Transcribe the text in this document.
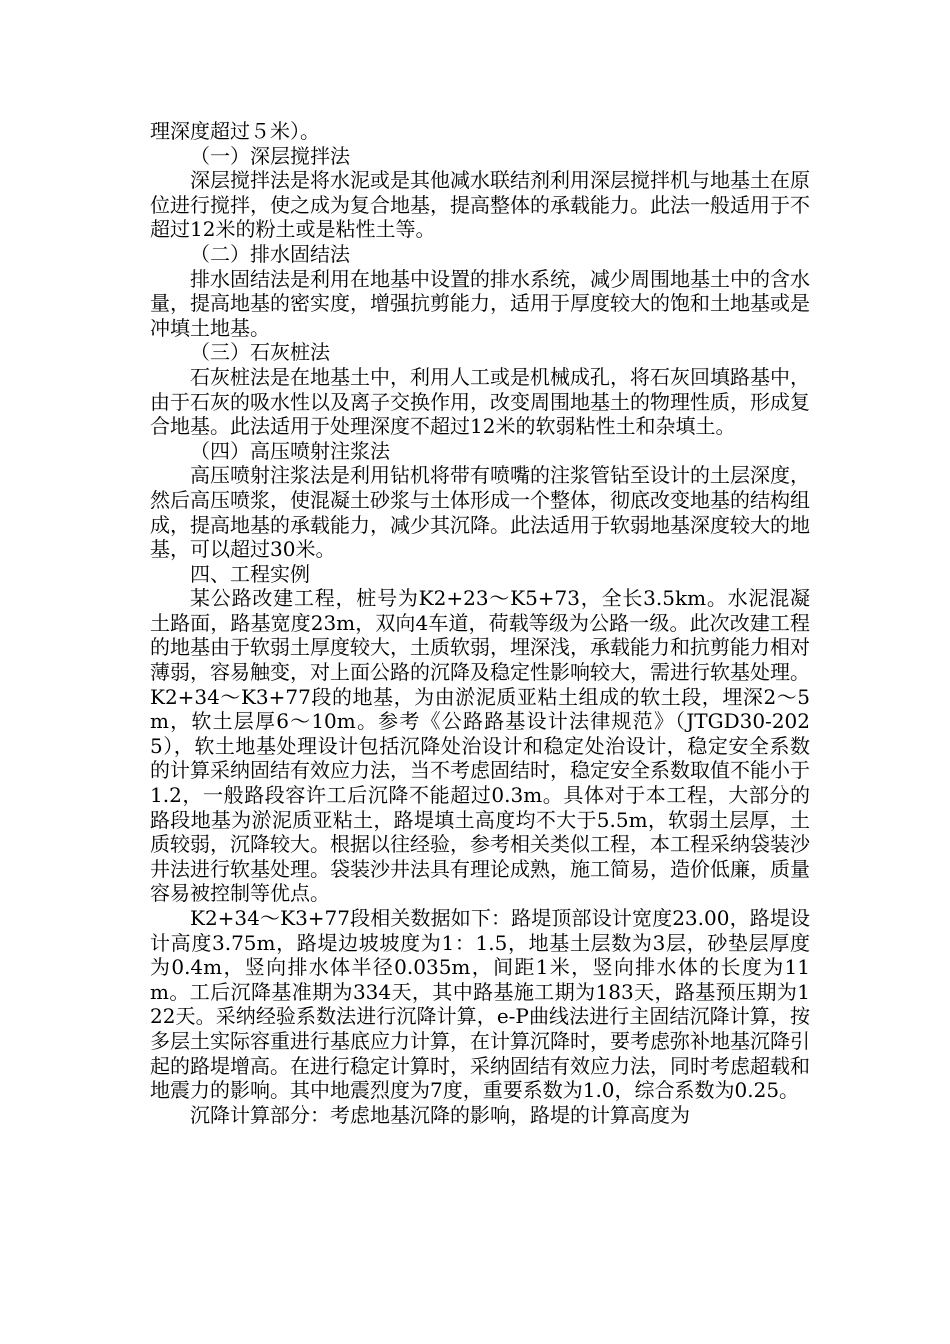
理深度超过５米）。

（一）深层搅拌法

深层搅拌法是将水泥或是其他减水联结剂利用深层搅拌机与地基土在原位进行搅拌，使之成为复合地基，提高整体的承载能力。此法一般适用于不超过12米的粉土或是粘性土等。

（二）排水固结法

排水固结法是利用在地基中设置的排水系统，减少周围地基土中的含水量，提高地基的密实度，增强抗剪能力，适用于厚度较大的饱和土地基或是冲填土地基。

（三）石灰桩法

石灰桩法是在地基土中，利用人工或是机械成孔，将石灰回填路基中，由于石灰的吸水性以及离子交换作用，改变周围地基土的物理性质，形成复合地基。此法适用于处理深度不超过12米的软弱粘性土和杂填土。

（四）高压喷射注浆法

高压喷射注浆法是利用钻机将带有喷嘴的注浆管钻至设计的土层深度，然后高压喷浆，使混凝土砂浆与土体形成一个整体，彻底改变地基的结构组成，提高地基的承载能力，减少其沉降。此法适用于软弱地基深度较大的地基，可以超过30米。

四、工程实例

某公路改建工程，桩号为K2+23～K5+73，全长3.5km。水泥混凝土路面，路基宽度23m，双向4车道，荷载等级为公路一级。此次改建工程的地基由于软弱土厚度较大，土质软弱，埋深浅，承载能力和抗剪能力相对薄弱，容易触变，对上面公路的沉降及稳定性影响较大，需进行软基处理。K2+34～K3+77段的地基，为由淤泥质亚粘土组成的软土段，埋深2～5m，软土层厚6～10m。参考《公路路基设计法律规范》（JTGD30-2025），软土地基处理设计包括沉降处治设计和稳定处治设计，稳定安全系数的计算采纳固结有效应力法，当不考虑固结时，稳定安全系数取值不能小于1.2，一般路段容许工后沉降不能超过0.3m。具体对于本工程，大部分的路段地基为淤泥质亚粘土，路堤填土高度均不大于5.5m，软弱土层厚，土质较弱，沉降较大。根据以往经验，参考相关类似工程，本工程采纳袋装沙井法进行软基处理。袋装沙井法具有理论成熟，施工简易，造价低廉，质量容易被控制等优点。

K2+34～K3+77段相关数据如下：路堤顶部设计宽度23.00，路堤设计高度3.75m，路堤边坡坡度为1：1.5，地基土层数为3层，砂垫层厚度为0.4m，竖向排水体半径0.035m，间距1米，竖向排水体的长度为11m。工后沉降基准期为334天，其中路基施工期为183天，路基预压期为122天。采纳经验系数法进行沉降计算，e-P曲线法进行主固结沉降计算，按多层土实际容重进行基底应力计算，在计算沉降时，要考虑弥补地基沉降引起的路堤增高。在进行稳定计算时，采纳固结有效应力法，同时考虑超载和地震力的影响。其中地震烈度为7度，重要系数为1.0，综合系数为0.25。

沉降计算部分：考虑地基沉降的影响，路堤的计算高度为
